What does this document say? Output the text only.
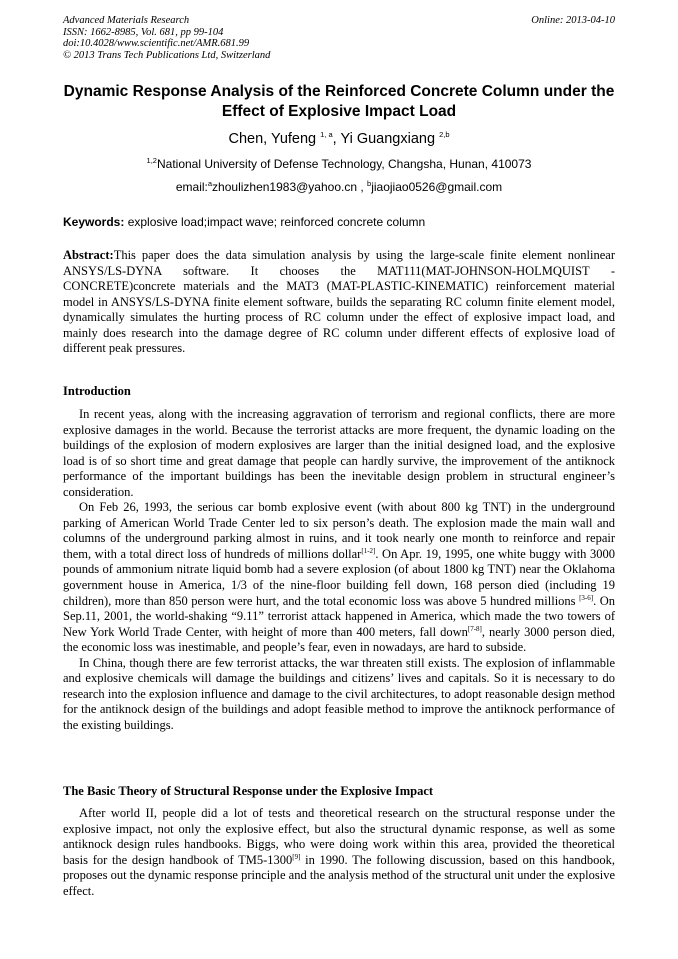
Advanced Materials Research
ISSN: 1662-8985, Vol. 681, pp 99-104
doi:10.4028/www.scientific.net/AMR.681.99
© 2013 Trans Tech Publications Ltd, Switzerland
Online: 2013-04-10
Dynamic Response Analysis of the Reinforced Concrete Column under the Effect of Explosive Impact Load
Chen, Yufeng $^{1, a}$, Yi Guangxiang $^{2,b}$
$^{1,2}$National University of Defense Technology, Changsha, Hunan, 410073
email:$^a$zhoulizhen1983@yahoo.cn , $^b$jiaojiao0526@gmail.com
Keywords: explosive load;impact wave; reinforced concrete column

Abstract:This paper does the data simulation analysis by using the large-scale finite element nonlinear ANSYS/LS-DYNA software. It chooses the MAT111(MAT-JOHNSON-HOLMQUIST -CONCRETE)concrete materials and the MAT3 (MAT-PLASTIC-KINEMATIC) reinforcement material model in ANSYS/LS-DYNA finite element software, builds the separating RC column finite element model, dynamically simulates the hurting process of RC column under the effect of explosive impact load, and mainly does research into the damage degree of RC column under different effects of explosive load of different peak pressures.

Introduction

In recent yeas, along with the increasing aggravation of terrorism and regional conflicts, there are more explosive damages in the world. Because the terrorist attacks are more frequent, the dynamic loading on the buildings of the explosion of modern explosives are larger than the initial designed load, and the explosive load is of so short time and great damage that people can hardly survive, the improvement of the antiknock performance of the important buildings has been the inevitable design problem in structural engineer’s consideration.

On Feb 26, 1993, the serious car bomb explosive event (with about 800 kg TNT) in the underground parking of American World Trade Center led to six person’s death. The explosion made the main wall and columns of the underground parking almost in ruins, and it took nearly one month to reinforce and repair them, with a total direct loss of hundreds of millions dollar[1-2]. On Apr. 19, 1995, one white buggy with 3000 pounds of ammonium nitrate liquid bomb had a severe explosion (of about 1800 kg TNT) near the Oklahoma government house in America, 1/3 of the nine-floor building fell down, 168 person died (including 19 children), more than 850 person were hurt, and the total economic loss was above 5 hundred millions [3-6]. On Sep.11, 2001, the world-shaking “9.11” terrorist attack happened in America, which made the two towers of New York World Trade Center, with height of more than 400 meters, fall down[7-8], nearly 3000 person died, the economic loss was inestimable, and people’s fear, even in nowadays, are hard to subside.

In China, though there are few terrorist attacks, the war threaten still exists. The explosion of inflammable and explosive chemicals will damage the buildings and citizens’ lives and capitals. So it is necessary to do research into the explosion influence and damage to the civil architectures, to adopt reasonable design method for the antiknock design of the buildings and adopt feasible method to improve the antiknock performance of the existing buildings.

The Basic Theory of Structural Response under the Explosive Impact

After world II, people did a lot of tests and theoretical research on the structural response under the explosive impact, not only the explosive effect, but also the structural dynamic response, as well as some antiknock design rules handbooks. Biggs, who were doing work within this area, provided the theoretical basis for the design handbook of TM5-1300[9] in 1990. The following discussion, based on this handbook, proposes out the dynamic response principle and the analysis method of the structural unit under the explosive effect.
